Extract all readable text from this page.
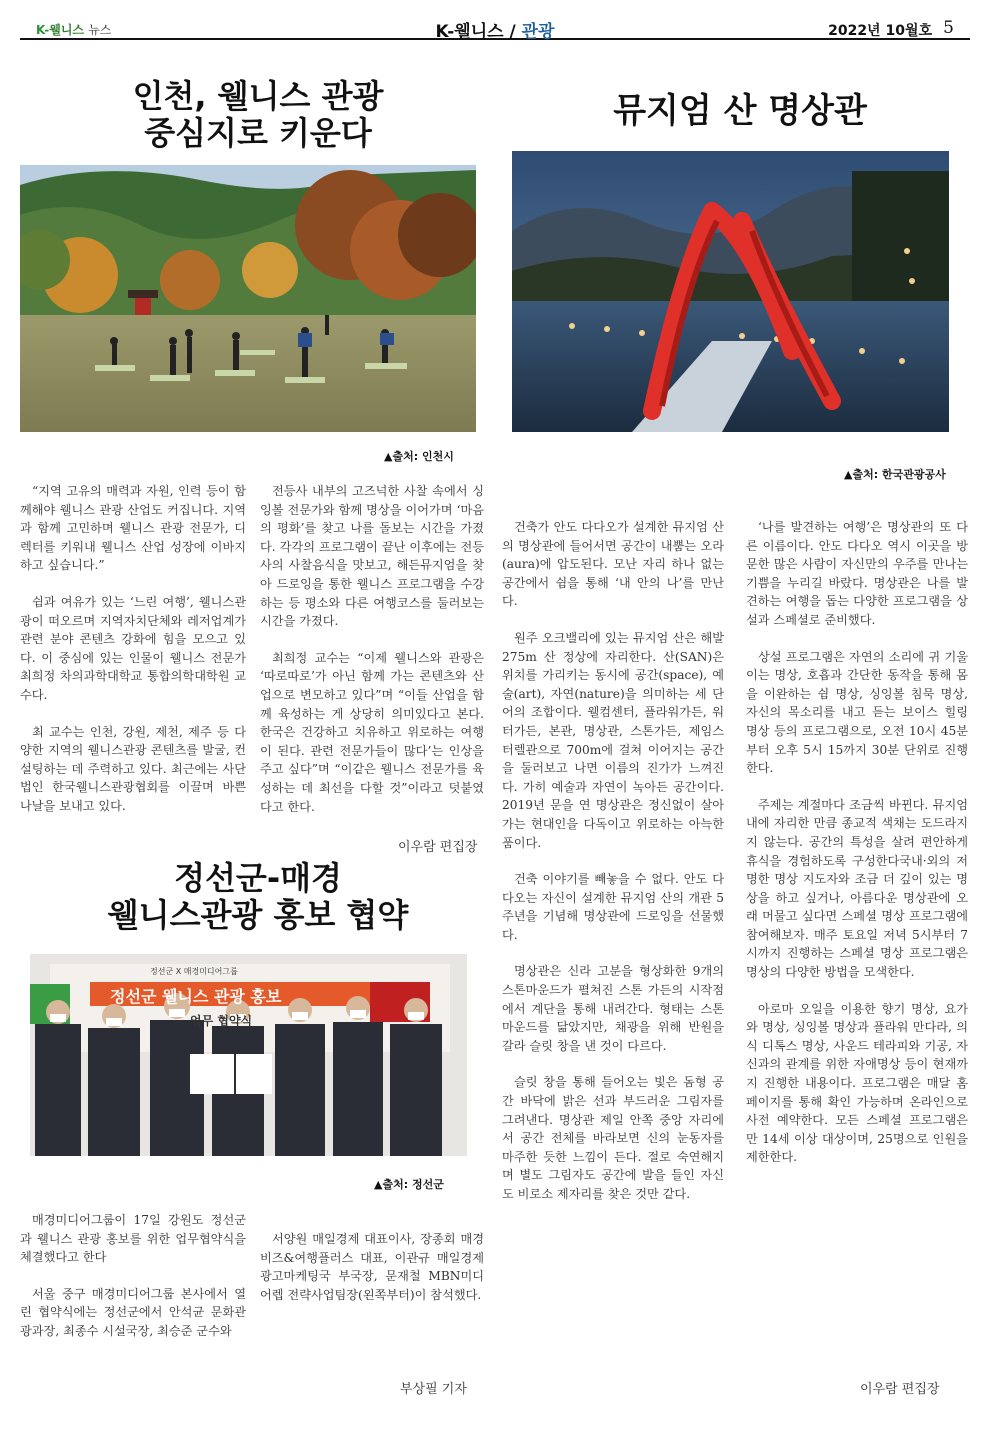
K-웰니스 뉴스	K-웰니스 / 관광	2022년 10월호 5
인천, 웰니스 관광
중심지로 키운다
▲출처: 인천시

“지역 고유의 매력과 자원, 인력 등이 함께해야 웰니스 관광 산업도 커집니다. 지역과 함께 고민하며 웰니스 관광 전문가, 디렉터를 키워내 웰니스 산업 성장에 이바지하고 싶습니다.”

쉼과 여유가 있는 ‘느린 여행’, 웰니스관광이 떠오르며 지역자치단체와 레저업계가 관련 분야 콘텐츠 강화에 힘을 모으고 있다. 이 중심에 있는 인물이 웰니스 전문가 최희정 차의과학대학교 통합의학대학원 교수다.

최 교수는 인천, 강원, 제천, 제주 등 다양한 지역의 웰니스관광 콘텐츠를 발굴, 컨설팅하는 데 주력하고 있다. 최근에는 사단법인 한국웰니스관광협회를 이끌며 바쁜 나날을 보내고 있다.

전등사 내부의 고즈넉한 사찰 속에서 싱잉볼 전문가와 함께 명상을 이어가며 ‘마음의 평화’를 찾고 나를 돌보는 시간을 가졌다. 각각의 프로그램이 끝난 이후에는 전등사의 사찰음식을 맛보고, 해든뮤지엄을 찾아 드로잉을 통한 웰니스 프로그램을 수강하는 등 평소와 다른 여행코스를 둘러보는 시간을 가졌다.

최희정 교수는 “이제 웰니스와 관광은 ‘따로따로’가 아닌 함께 가는 콘텐츠와 산업으로 변모하고 있다”며 “이들 산업을 함께 육성하는 게 상당히 의미있다고 본다. 한국은 건강하고 치유하고 위로하는 여행이 된다. 관련 전문가들이 많다’는 인상을 주고 싶다”며 “이같은 웰니스 전문가를 육성하는 데 최선을 다할 것”이라고 덧붙였다고 한다.

이우람 편집장
정선군-매경
웰니스관광 홍보 협약
정선군 X 매경미디어그룹
정선군 웰니스 관광 홍보
업무 협약식
▲출처: 정선군

매경미디어그룹이 17일 강원도 정선군과 웰니스 관광 홍보를 위한 업무협약식을 체결했다고 한다

서울 중구 매경미디어그룹 본사에서 열린 협약식에는 정선군에서 안석균 문화관광과장, 최종수 시설국장, 최승준 군수와

서양원 매일경제 대표이사, 장종회 매경비즈&여행플러스 대표, 이관규 매일경제 광고마케팅국 부국장, 문재철 MBN미디어렙 전략사업팀장(왼쪽부터)이 참석했다.

부상필 기자
뮤지엄 산 명상관
▲출처: 한국관광공사

건축가 안도 다다오가 설계한 뮤지엄 산의 명상관에 들어서면 공간이 내뿜는 오라(aura)에 압도된다. 모난 자리 하나 없는 공간에서 쉼을 통해 ‘내 안의 나’를 만난다.

원주 오크밸리에 있는 뮤지엄 산은 해발 275m 산 정상에 자리한다. 산(SAN)은 위치를 가리키는 동시에 공간(space), 예술(art), 자연(nature)을 의미하는 세 단어의 조합이다. 웰컴센터, 플라워가든, 워터가든, 본관, 명상관, 스톤가든, 제임스 터렐관으로 700m에 걸쳐 이어지는 공간을 둘러보고 나면 이름의 진가가 느껴진다. 가히 예술과 자연이 녹아든 공간이다. 2019년 문을 연 명상관은 정신없이 살아가는 현대인을 다독이고 위로하는 아늑한 품이다.

건축 이야기를 빼놓을 수 없다. 안도 다다오는 자신이 설계한 뮤지엄 산의 개관 5주년을 기념해 명상관에 드로잉을 선물했다.

명상관은 신라 고분을 형상화한 9개의 스톤마운드가 펼쳐진 스톤 가든의 시작점에서 계단을 통해 내려간다. 형태는 스톤마운드를 닮았지만, 채광을 위해 반원을 갈라 슬릿 창을 낸 것이 다르다.

슬릿 창을 통해 들어오는 빛은 돔형 공간 바닥에 밝은 선과 부드러운 그림자를 그려낸다. 명상관 제일 안쪽 중앙 자리에서 공간 전체를 바라보면 신의 눈동자를 마주한 듯한 느낌이 든다. 절로 숙연해지며 별도 그림자도 공간에 발을 들인 자신도 비로소 제자리를 찾은 것만 같다.

‘나를 발견하는 여행’은 명상관의 또 다른 이름이다. 안도 다다오 역시 이곳을 방문한 많은 사람이 자신만의 우주를 만나는 기쁨을 누리길 바랐다. 명상관은 나를 발견하는 여행을 돕는 다양한 프로그램을 상설과 스페셜로 준비했다.

상설 프로그램은 자연의 소리에 귀 기울이는 명상, 호흡과 간단한 동작을 통해 몸을 이완하는 쉼 명상, 싱잉볼 침묵 명상, 자신의 목소리를 내고 듣는 보이스 힐링 명상 등의 프로그램으로, 오전 10시 45분부터 오후 5시 15까지 30분 단위로 진행한다.

주제는 계절마다 조금씩 바뀐다. 뮤지엄 내에 자리한 만큼 종교적 색채는 도드라지지 않는다. 공간의 특성을 살려 편안하게 휴식을 경험하도록 구성한다국내·외의 저명한 명상 지도자와 조금 더 깊이 있는 명상을 하고 싶거나, 아름다운 명상관에 오래 머물고 싶다면 스페셜 명상 프로그램에 참여해보자. 매주 토요일 저녁 5시부터 7시까지 진행하는 스페셜 명상 프로그램은 명상의 다양한 방법을 모색한다.

아로마 오일을 이용한 향기 명상, 요가와 명상, 싱잉볼 명상과 플라워 만다라, 의식 디톡스 명상, 사운드 테라피와 기공, 자신과의 관계를 위한 자애명상 등이 현재까지 진행한 내용이다. 프로그램은 매달 홈페이지를 통해 확인 가능하며 온라인으로 사전 예약한다. 모든 스페셜 프로그램은 만 14세 이상 대상이며, 25명으로 인원을 제한한다.

이우람 편집장
